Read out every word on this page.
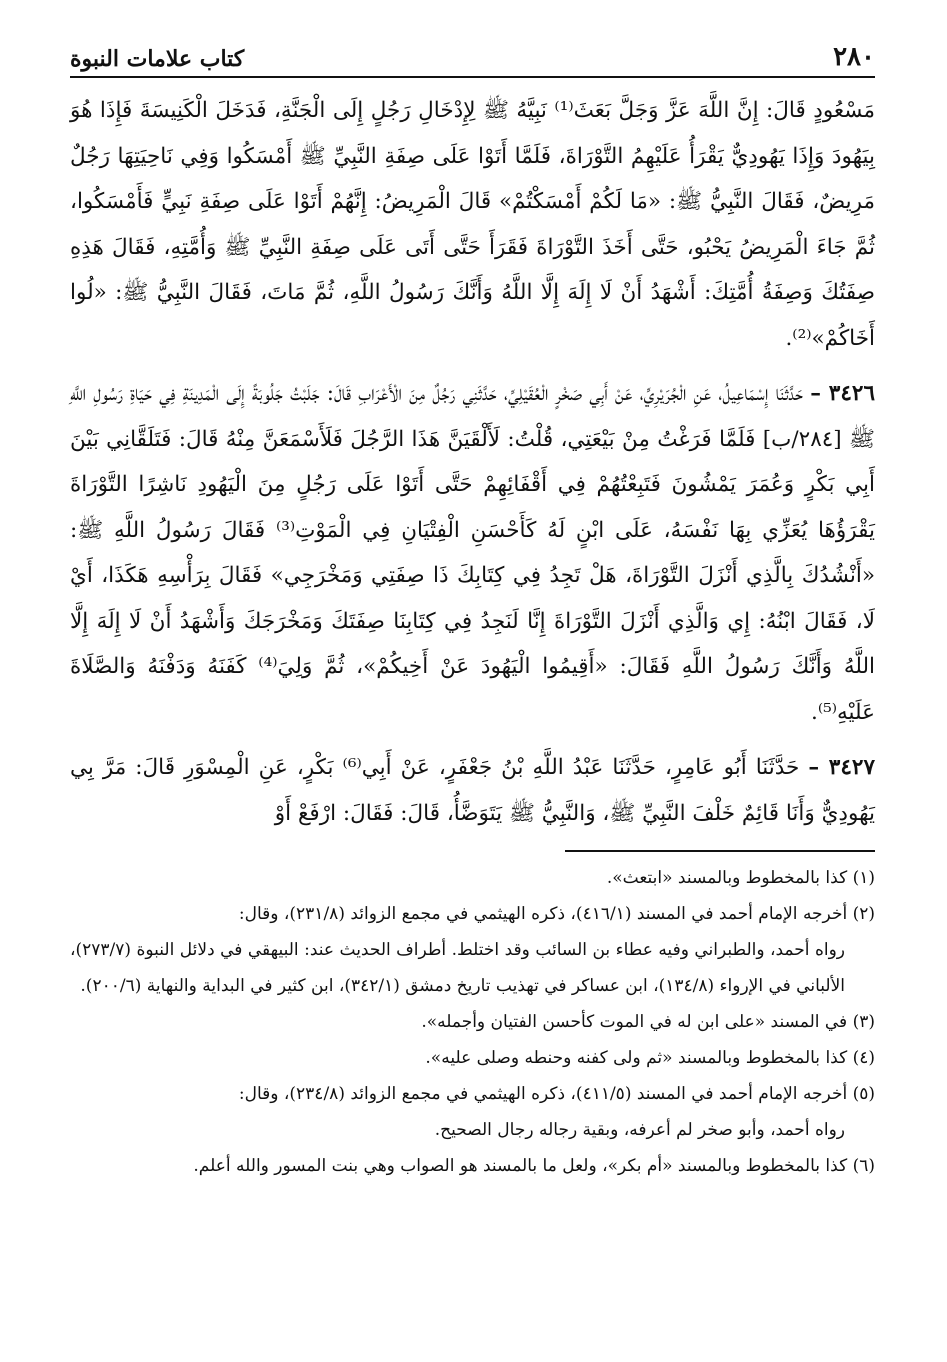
٢٨٠
كتاب علامات النبوة

مَسْعُودٍ قَالَ: إِنَّ اللَّهَ عَزَّ وَجَلَّ بَعَثَ⁽¹⁾ نَبِيَّهُ ﷺ لِإِدْخَالِ رَجُلٍ إِلَى الْجَنَّةِ، فَدَخَلَ الْكَنِيسَةَ فَإِذَا هُوَ بِيَهُودَ وَإِذَا يَهُودِيٌّ يَقْرَأُ عَلَيْهِمُ التَّوْرَاةَ، فَلَمَّا أَتَوْا عَلَى صِفَةِ النَّبِيِّ ﷺ أَمْسَكُوا وَفِي نَاحِيَتِهَا رَجُلٌ مَرِيضٌ، فَقَالَ النَّبِيُّ ﷺ: «مَا لَكُمْ أَمْسَكْتُمْ» قَالَ الْمَرِيضُ: إِنَّهُمْ أَتَوْا عَلَى صِفَةِ نَبِيٍّ فَأَمْسَكُوا، ثُمَّ جَاءَ الْمَرِيضُ يَحْبُو، حَتَّى أَخَذَ التَّوْرَاةَ فَقَرَأَ حَتَّى أَتَى عَلَى صِفَةِ النَّبِيِّ ﷺ وَأُمَّتِهِ، فَقَالَ هَذِهِ صِفَتُكَ وَصِفَةُ أُمَّتِكَ: أَشْهَدُ أَنْ لَا إِلَهَ إِلَّا اللَّهُ وَأَنَّكَ رَسُولُ اللَّهِ، ثُمَّ مَاتَ، فَقَالَ النَّبِيُّ ﷺ: «لُوا أَخَاكُمْ»⁽²⁾.

٣٤٢٦ – حَدَّثَنَا إِسْمَاعِيلُ، عَنِ الْجُرَيْرِيِّ، عَنْ أَبِي صَخْرٍ الْعُقَيْلِيِّ، حَدَّثَنِي رَجُلٌ مِنَ الْأَعْرَابِ قَالَ: جَلَبْتُ جَلُوبَةً إِلَى الْمَدِينَةِ فِي حَيَاةِ رَسُولِ اللَّهِ ﷺ [٢٨٤/ب] فَلَمَّا فَرَغْتُ مِنْ بَيْعَتِي، قُلْتُ: لَأَلْقَيَنَّ هَذَا الرَّجُلَ فَلَأَسْمَعَنَّ مِنْهُ قَالَ: فَتَلَقَّانِي بَيْنَ أَبِي بَكْرٍ وَعُمَرَ يَمْشُونَ فَتَبِعْتُهُمْ فِي أَقْفَائِهِمْ حَتَّى أَتَوْا عَلَى رَجُلٍ مِنَ الْيَهُودِ نَاشِرًا التَّوْرَاةَ يَقْرَؤُهَا يُعَزِّي بِهَا نَفْسَهُ، عَلَى ابْنٍ لَهُ كَأَحْسَنِ الْفِتْيَانِ فِي الْمَوْتِ⁽³⁾ فَقَالَ رَسُولُ اللَّهِ ﷺ: «أَنْشُدُكَ بِالَّذِي أَنْزَلَ التَّوْرَاةَ، هَلْ تَجِدُ فِي كِتَابِكَ ذَا صِفَتِي وَمَخْرَجِي» فَقَالَ بِرَأْسِهِ هَكَذَا، أَيْ لَا، فَقَالَ ابْنُهُ: إِي وَالَّذِي أَنْزَلَ التَّوْرَاةَ إِنَّا لَنَجِدُ فِي كِتَابِنَا صِفَتَكَ وَمَخْرَجَكَ وَأَشْهَدُ أَنْ لَا إِلَهَ إِلَّا اللَّهُ وَأَنَّكَ رَسُولُ اللَّهِ فَقَالَ: «أَقِيمُوا الْيَهُودَ عَنْ أَخِيكُمْ»، ثُمَّ وَلِيَ⁽⁴⁾ كَفَنَهُ وَدَفْنَهُ وَالصَّلَاةَ عَلَيْهِ⁽⁵⁾.

٣٤٢٧ – حَدَّثَنَا أَبُو عَامِرٍ، حَدَّثَنَا عَبْدُ اللَّهِ بْنُ جَعْفَرٍ، عَنْ أَبِي⁽⁶⁾ بَكْرٍ، عَنِ الْمِسْوَرِ قَالَ: مَرَّ بِي يَهُودِيٌّ وَأَنَا قَائِمٌ خَلْفَ النَّبِيِّ ﷺ، وَالنَّبِيُّ ﷺ يَتَوَضَّأُ، قَالَ: فَقَالَ: ارْفَعْ أَوْ

(١) كذا بالمخطوط وبالمسند «ابتعث».

(٢) أخرجه الإمام أحمد في المسند (٤١٦/١)، ذكره الهيثمي في مجمع الزوائد (٢٣١/٨)، وقال:

رواه أحمد، والطبراني وفيه عطاء بن السائب وقد اختلط. أطراف الحديث عند: البيهقي في دلائل النبوة (٢٧٣/٧)، الألباني في الإرواء (١٣٤/٨)، ابن عساكر في تهذيب تاريخ دمشق (٣٤٢/١)، ابن كثير في البداية والنهاية (٢٠٠/٦).

(٣) في المسند «على ابن له في الموت كأحسن الفتيان وأجمله».

(٤) كذا بالمخطوط وبالمسند «ثم ولى كفنه وحنطه وصلى عليه».

(٥) أخرجه الإمام أحمد في المسند (٤١١/٥)، ذكره الهيثمي في مجمع الزوائد (٢٣٤/٨)، وقال:

رواه أحمد، وأبو صخر لم أعرفه، وبقية رجاله رجال الصحيح.

(٦) كذا بالمخطوط وبالمسند «أم بكر»، ولعل ما بالمسند هو الصواب وهي بنت المسور والله أعلم.
